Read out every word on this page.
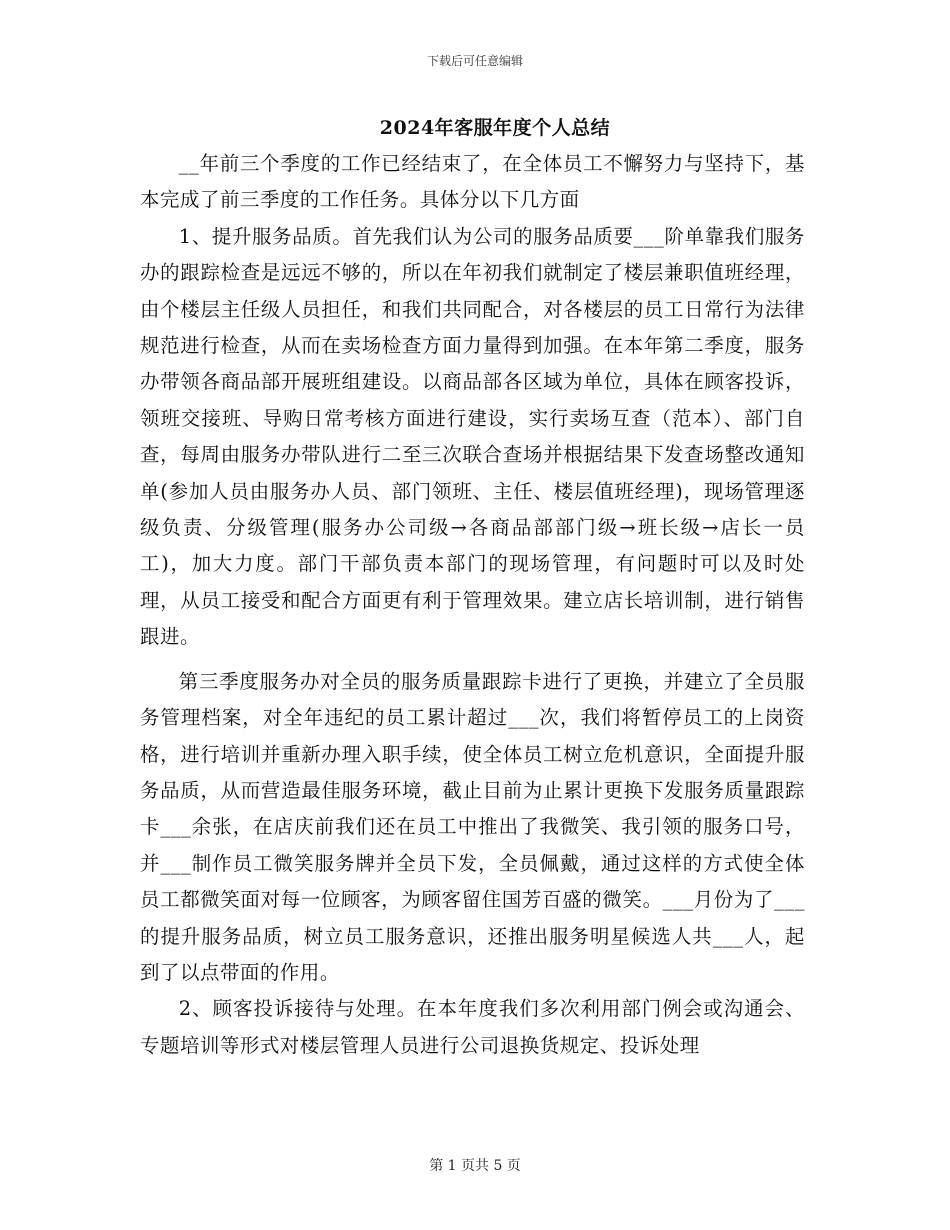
下载后可任意编辑
2024年客服年度个人总结

__年前三个季度的工作已经结束了，在全体员工不懈努力与坚持下，基本完成了前三季度的工作任务。具体分以下几方面

1、提升服务品质。首先我们认为公司的服务品质要___阶单靠我们服务办的跟踪检查是远远不够的，所以在年初我们就制定了楼层兼职值班经理，由个楼层主任级人员担任，和我们共同配合，对各楼层的员工日常行为法律规范进行检查，从而在卖场检查方面力量得到加强。在本年第二季度，服务办带领各商品部开展班组建设。以商品部各区域为单位，具体在顾客投诉，领班交接班、导购日常考核方面进行建设，实行卖场互查（范本）、部门自查，每周由服务办带队进行二至三次联合查场并根据结果下发查场整改通知单(参加人员由服务办人员、部门领班、主任、楼层值班经理)，现场管理逐级负责、分级管理(服务办公司级→各商品部部门级→班长级→店长一员工)，加大力度。部门干部负责本部门的现场管理，有问题时可以及时处理，从员工接受和配合方面更有利于管理效果。建立店长培训制，进行销售跟进。

第三季度服务办对全员的服务质量跟踪卡进行了更换，并建立了全员服务管理档案，对全年违纪的员工累计超过___次，我们将暂停员工的上岗资格，进行培训并重新办理入职手续，使全体员工树立危机意识，全面提升服务品质，从而营造最佳服务环境，截止目前为止累计更换下发服务质量跟踪卡___余张，在店庆前我们还在员工中推出了我微笑、我引领的服务口号，并___制作员工微笑服务牌并全员下发，全员佩戴，通过这样的方式使全体员工都微笑面对每一位顾客，为顾客留住国芳百盛的微笑。___月份为了___的提升服务品质，树立员工服务意识，还推出服务明星候选人共___人，起到了以点带面的作用。

2、顾客投诉接待与处理。在本年度我们多次利用部门例会或沟通会、专题培训等形式对楼层管理人员进行公司退换货规定、投诉处理

第 1 页共 5 页
